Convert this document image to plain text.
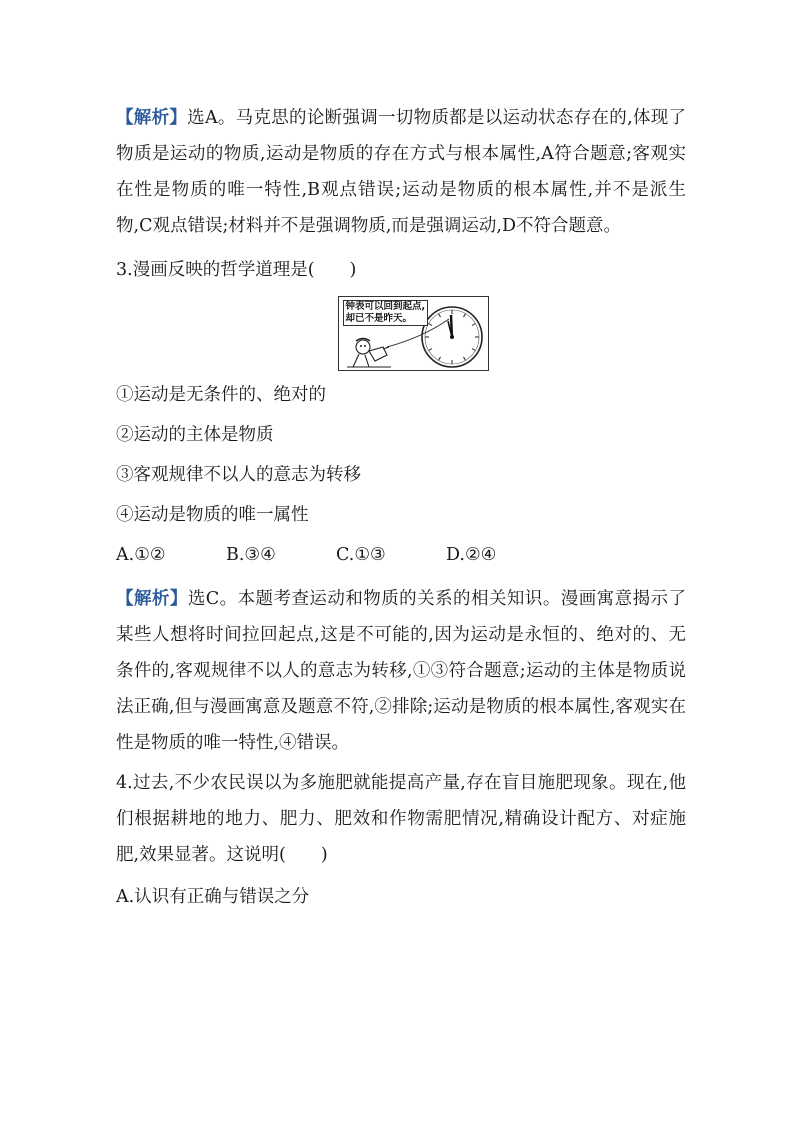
【解析】选A。马克思的论断强调一切物质都是以运动状态存在的,体现了物质是运动的物质,运动是物质的存在方式与根本属性,A符合题意;客观实在性是物质的唯一特性,B观点错误;运动是物质的根本属性,并不是派生物,C观点错误;材料并不是强调物质,而是强调运动,D不符合题意。

3.漫画反映的哲学道理是(　　)

钟表可以回到起点,
却已不是昨天。

①运动是无条件的、绝对的

②运动的主体是物质

③客观规律不以人的意志为转移

④运动是物质的唯一属性

A.①②	B.③④	C.①③	D.②④

【解析】选C。本题考查运动和物质的关系的相关知识。漫画寓意揭示了某些人想将时间拉回起点,这是不可能的,因为运动是永恒的、绝对的、无条件的,客观规律不以人的意志为转移,①③符合题意;运动的主体是物质说法正确,但与漫画寓意及题意不符,②排除;运动是物质的根本属性,客观实在性是物质的唯一特性,④错误。

4.过去,不少农民误以为多施肥就能提高产量,存在盲目施肥现象。现在,他们根据耕地的地力、肥力、肥效和作物需肥情况,精确设计配方、对症施肥,效果显著。这说明(　　)

A.认识有正确与错误之分
